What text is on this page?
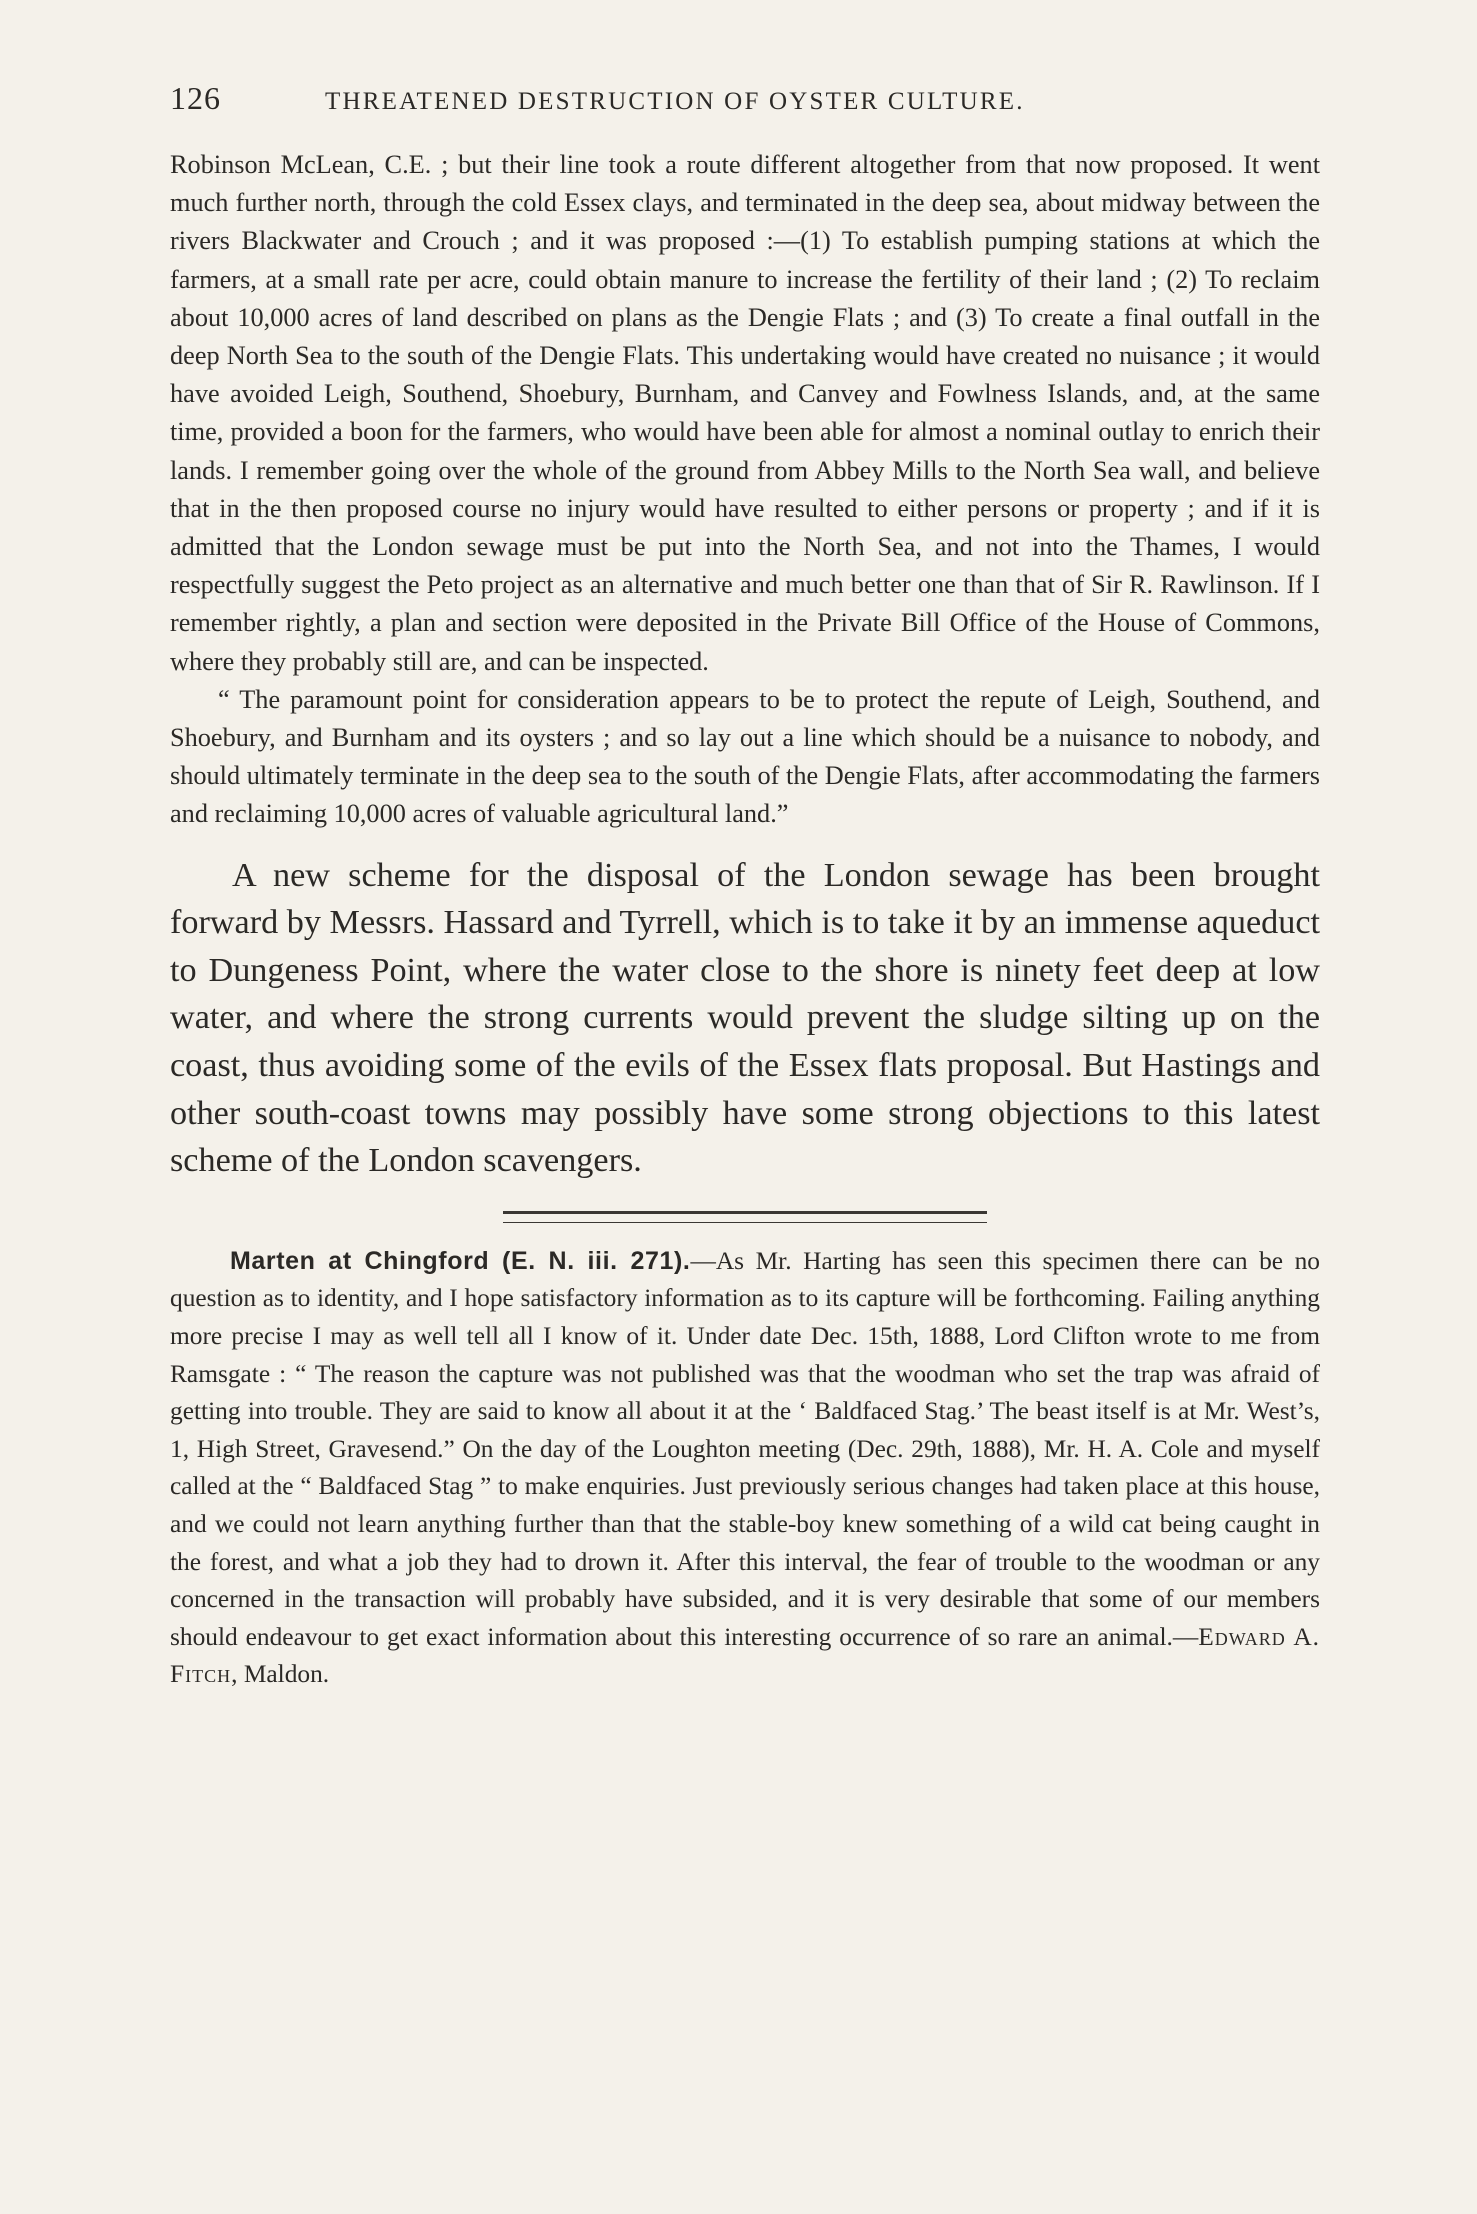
126	THREATENED DESTRUCTION OF OYSTER CULTURE.

Robinson McLean, C.E. ; but their line took a route different altogether from that now proposed. It went much further north, through the cold Essex clays, and terminated in the deep sea, about midway between the rivers Blackwater and Crouch ; and it was proposed :—(1) To establish pumping stations at which the farmers, at a small rate per acre, could obtain manure to increase the fertility of their land ; (2) To reclaim about 10,000 acres of land described on plans as the Dengie Flats ; and (3) To create a final outfall in the deep North Sea to the south of the Dengie Flats. This undertaking would have created no nuisance ; it would have avoided Leigh, Southend, Shoebury, Burnham, and Canvey and Fowlness Islands, and, at the same time, provided a boon for the farmers, who would have been able for almost a nominal outlay to enrich their lands. I remember going over the whole of the ground from Abbey Mills to the North Sea wall, and believe that in the then proposed course no injury would have resulted to either persons or property ; and if it is admitted that the London sewage must be put into the North Sea, and not into the Thames, I would respectfully suggest the Peto project as an alternative and much better one than that of Sir R. Rawlinson. If I remember rightly, a plan and section were deposited in the Private Bill Office of the House of Commons, where they probably still are, and can be inspected.

“ The paramount point for consideration appears to be to protect the repute of Leigh, Southend, and Shoebury, and Burnham and its oysters ; and so lay out a line which should be a nuisance to nobody, and should ultimately terminate in the deep sea to the south of the Dengie Flats, after accommodating the farmers and reclaiming 10,000 acres of valuable agricultural land.”

A new scheme for the disposal of the London sewage has been brought forward by Messrs. Hassard and Tyrrell, which is to take it by an immense aqueduct to Dungeness Point, where the water close to the shore is ninety feet deep at low water, and where the strong currents would prevent the sludge silting up on the coast, thus avoiding some of the evils of the Essex flats proposal. But Hastings and other south-coast towns may possibly have some strong objections to this latest scheme of the London scavengers.

Marten at Chingford (E. N. iii. 271).—As Mr. Harting has seen this specimen there can be no question as to identity, and I hope satisfactory information as to its capture will be forthcoming. Failing anything more precise I may as well tell all I know of it. Under date Dec. 15th, 1888, Lord Clifton wrote to me from Ramsgate : “ The reason the capture was not published was that the woodman who set the trap was afraid of getting into trouble. They are said to know all about it at the ‘ Baldfaced Stag.’ The beast itself is at Mr. West’s, 1, High Street, Gravesend.” On the day of the Loughton meeting (Dec. 29th, 1888), Mr. H. A. Cole and myself called at the “ Baldfaced Stag ” to make enquiries. Just previously serious changes had taken place at this house, and we could not learn anything further than that the stable-boy knew something of a wild cat being caught in the forest, and what a job they had to drown it. After this interval, the fear of trouble to the woodman or any concerned in the transaction will probably have subsided, and it is very desirable that some of our members should endeavour to get exact information about this interesting occurrence of so rare an animal.—Edward A. Fitch, Maldon.
